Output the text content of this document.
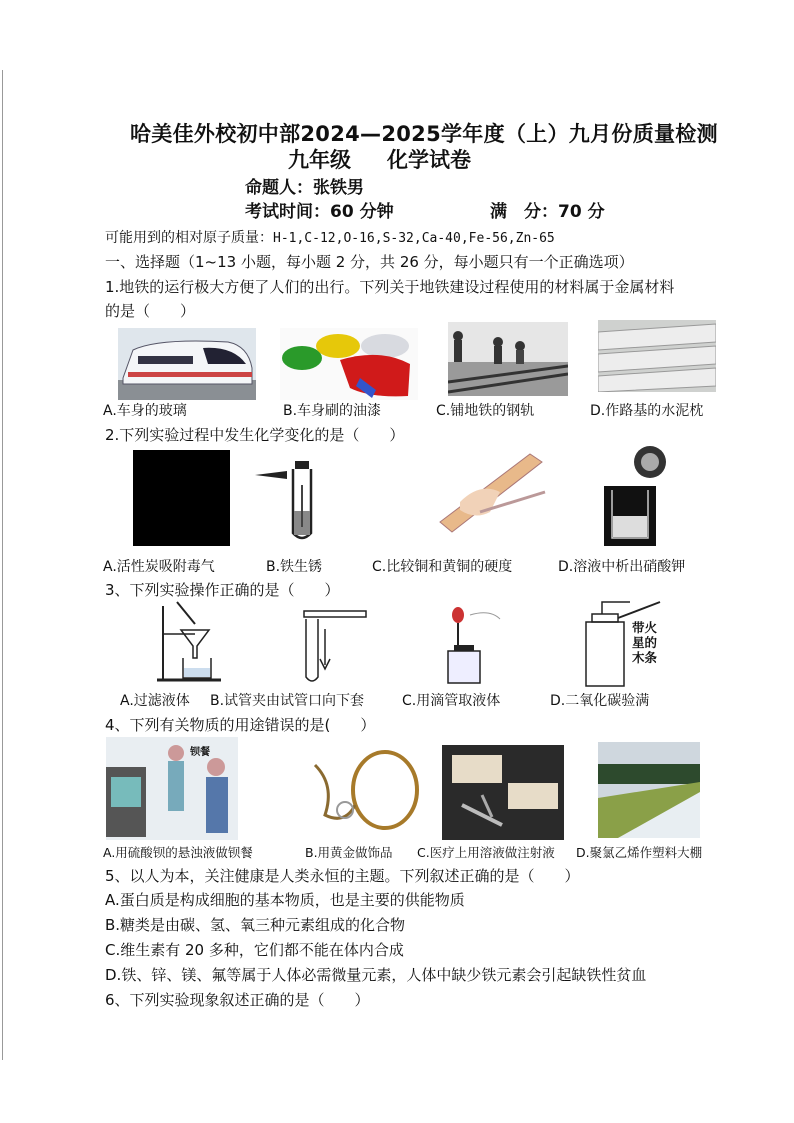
哈美佳外校初中部2024—2025学年度（上）九月份质量检测
九年级 化学试卷
命题人：张铁男
考试时间：60 分钟	满　分：70 分
可能用到的相对原子质量：H-1,C-12,O-16,S-32,Ca-40,Fe-56,Zn-65
一、选择题（1~13 小题，每小题 2 分，共 26 分，每小题只有一个正确选项）
1.地铁的运行极大方便了人们的出行。下列关于地铁建设过程使用的材料属于金属材料
的是（　　）
A.车身的玻璃	B.车身刷的油漆	C.铺地铁的钢轨	D.作路基的水泥枕
2.下列实验过程中发生化学变化的是（　　）
A.活性炭吸附毒气	B.铁生锈	C.比较铜和黄铜的硬度	D.溶液中析出硝酸钾
3、下列实验操作正确的是（　　）
带火
星的
木条
A.过滤液体 B.试管夹由试管口向下套	C.用滴管取液体	D.二氧化碳验满
4、下列有关物质的用途错误的是(　　）
钡餐
A.用硫酸钡的悬浊液做钡餐	B.用黄金做饰品 C.医疗上用溶液做注射液 D.聚氯乙烯作塑料大棚
5、以人为本，关注健康是人类永恒的主题。下列叙述正确的是（　　）
A.蛋白质是构成细胞的基本物质，也是主要的供能物质
B.糖类是由碳、氢、氧三种元素组成的化合物
C.维生素有 20 多种，它们都不能在体内合成
D.铁、锌、镁、氟等属于人体必需微量元素，人体中缺少铁元素会引起缺铁性贫血
6、下列实验现象叙述正确的是（　　）
